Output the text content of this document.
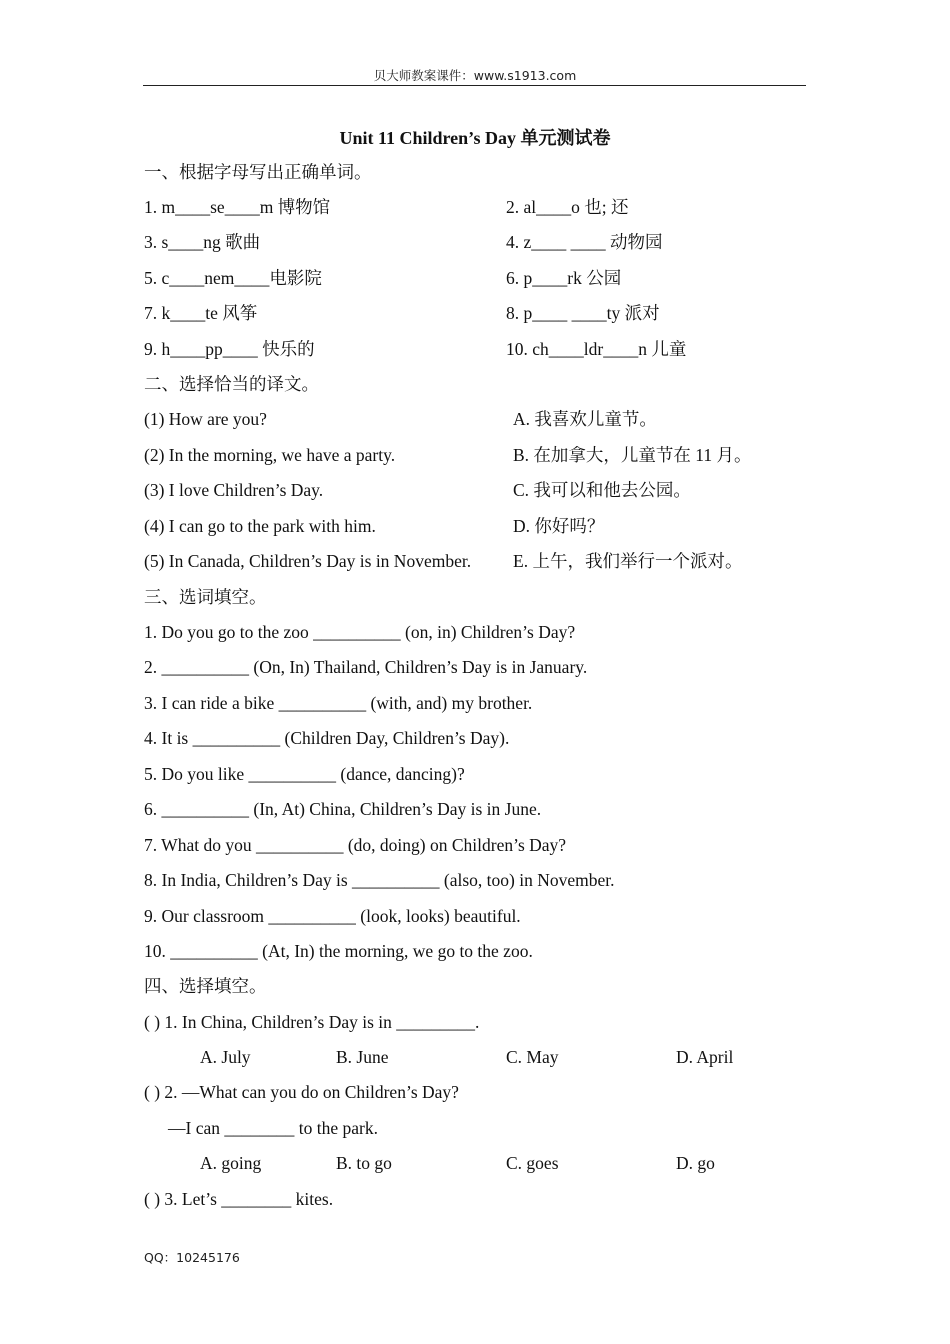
贝大师教案课件：www.s1913.com
Unit 11 Children’s Day 单元测试卷
一、根据字母写出正确单词。
1. m____se____m 博物馆	2. al____o 也; 还
3. s____ng 歌曲	4. z____ ____ 动物园
5. c____nem____电影院	6. p____rk 公园
7. k____te 风筝	8. p____ ____ty 派对
9. h____pp____ 快乐的	10. ch____ldr____n 儿童
二、选择恰当的译文。
(1) How are you?	A. 我喜欢儿童节。
(2) In the morning, we have a party.	B. 在加拿大，儿童节在 11 月。
(3) I love Children’s Day.	C. 我可以和他去公园。
(4) I can go to the park with him.	D. 你好吗？
(5) In Canada, Children’s Day is in November. E. 上午，我们举行一个派对。
三、选词填空。
1. Do you go to the zoo __________ (on, in) Children’s Day?
2. __________ (On, In) Thailand, Children’s Day is in January.
3. I can ride a bike __________ (with, and) my brother.
4. It is __________ (Children Day, Children’s Day).
5. Do you like __________ (dance, dancing)?
6. __________ (In, At) China, Children’s Day is in June.
7. What do you __________ (do, doing) on Children’s Day?
8. In India, Children’s Day is __________ (also, too) in November.
9. Our classroom __________ (look, looks) beautiful.
10. __________ (At, In) the morning, we go to the zoo.
四、选择填空。
( ) 1. In China, Children’s Day is in _________.
A. July	B. June	C. May	D. April
( ) 2. —What can you do on Children’s Day?
—I can ________ to the park.
A. going	B. to go	C. goes	D. go
( ) 3. Let’s ________ kites.
QQ：10245176
